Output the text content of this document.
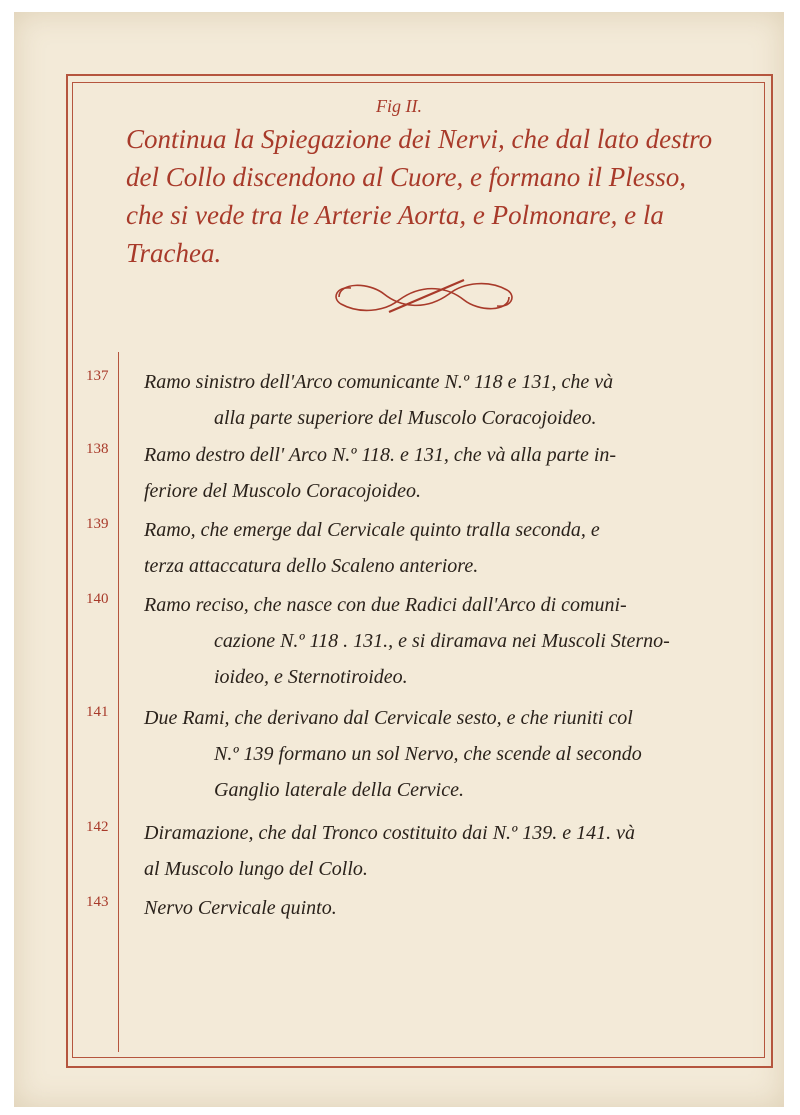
Fig II.
Continua la Spiegazione dei Nervi, che dal lato destro del Collo discendono al Cuore, e formano il Plesso, che si vede tra le Arterie Aorta, e Polmonare, e la Trachea.
137 Ramo sinistro dell'Arco comunicante N.º 118 e 131, che và
alla parte superiore del Muscolo Coracojoideo.
138 Ramo destro dell' Arco N.º 118. e 131, che và alla parte in-
feriore del Muscolo Coracojoideo.
139 Ramo, che emerge dal Cervicale quinto tralla seconda, e
terza attaccatura dello Scaleno anteriore.
140 Ramo reciso, che nasce con due Radici dall'Arco di comuni-
cazione N.º 118 . 131., e si diramava nei Muscoli Sterno-
ioideo, e Sternotiroideo.
141 Due Rami, che derivano dal Cervicale sesto, e che riuniti col
N.º 139 formano un sol Nervo, che scende al secondo
Ganglio laterale della Cervice.
142 Diramazione, che dal Tronco costituito dai N.º 139. e 141. và
al Muscolo lungo del Collo.
143 Nervo Cervicale quinto.
